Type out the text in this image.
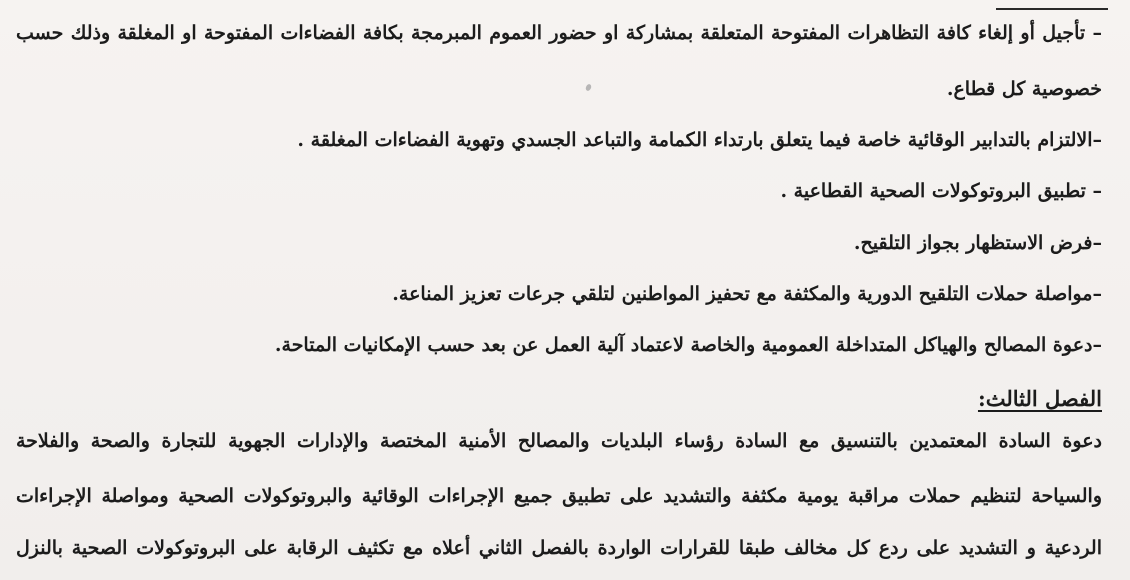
– تأجيل أو إلغاء كافة التظاهرات المفتوحة المتعلقة بمشاركة او حضور العموم المبرمجة بكافة الفضاءات المفتوحة او المغلقة وذلك حسب
خصوصية كل قطاع.
–الالتزام بالتدابير الوقائية خاصة فيما يتعلق بارتداء الكمامة والتباعد الجسدي وتهوية الفضاءات المغلقة .
– تطبيق البروتوكولات الصحية القطاعية .
–فرض الاستظهار بجواز التلقيح.
–مواصلة حملات التلقيح الدورية والمكثفة مع تحفيز المواطنين لتلقي جرعات تعزيز المناعة.
–دعوة المصالح والهياكل المتداخلة العمومية والخاصة لاعتماد آلية العمل عن بعد حسب الإمكانيات المتاحة.
الفصل الثالث:
دعوة السادة المعتمدين بالتنسيق مع السادة رؤساء البلديات والمصالح الأمنية المختصة والإدارات الجهوية للتجارة والصحة والفلاحة
والسياحة لتنظيم حملات مراقبة يومية مكثفة والتشديد على تطبيق جميع الإجراءات الوقائية والبروتوكولات الصحية ومواصلة الإجراءات
الردعية و التشديد على ردع كل مخالف طبقا للقرارات الواردة بالفصل الثاني أعلاه مع تكثيف الرقابة على البروتوكولات الصحية بالنزل
